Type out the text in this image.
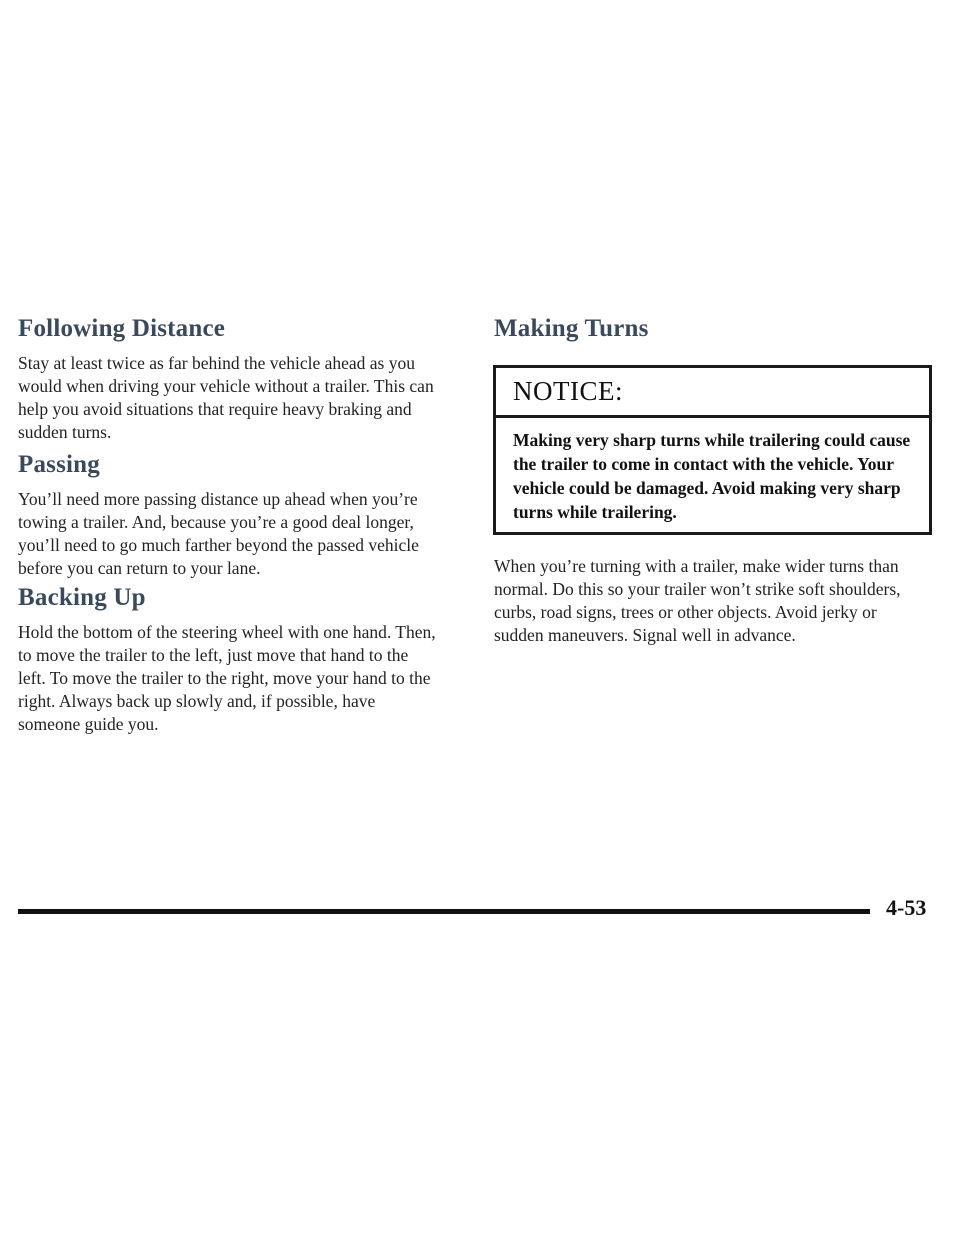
Following Distance

Stay at least twice as far behind the vehicle ahead as you would when driving your vehicle without a trailer. This can help you avoid situations that require heavy braking and sudden turns.

Passing

You’ll need more passing distance up ahead when you’re towing a trailer. And, because you’re a good deal longer, you’ll need to go much farther beyond the passed vehicle before you can return to your lane.

Backing Up

Hold the bottom of the steering wheel with one hand. Then, to move the trailer to the left, just move that hand to the left. To move the trailer to the right, move your hand to the right. Always back up slowly and, if possible, have someone guide you.

Making Turns
NOTICE:
Making very sharp turns while trailering could cause the trailer to come in contact with the vehicle. Your vehicle could be damaged. Avoid making very sharp turns while trailering.

When you’re turning with a trailer, make wider turns than normal. Do this so your trailer won’t strike soft shoulders, curbs, road signs, trees or other objects. Avoid jerky or sudden maneuvers. Signal well in advance.

4-53
